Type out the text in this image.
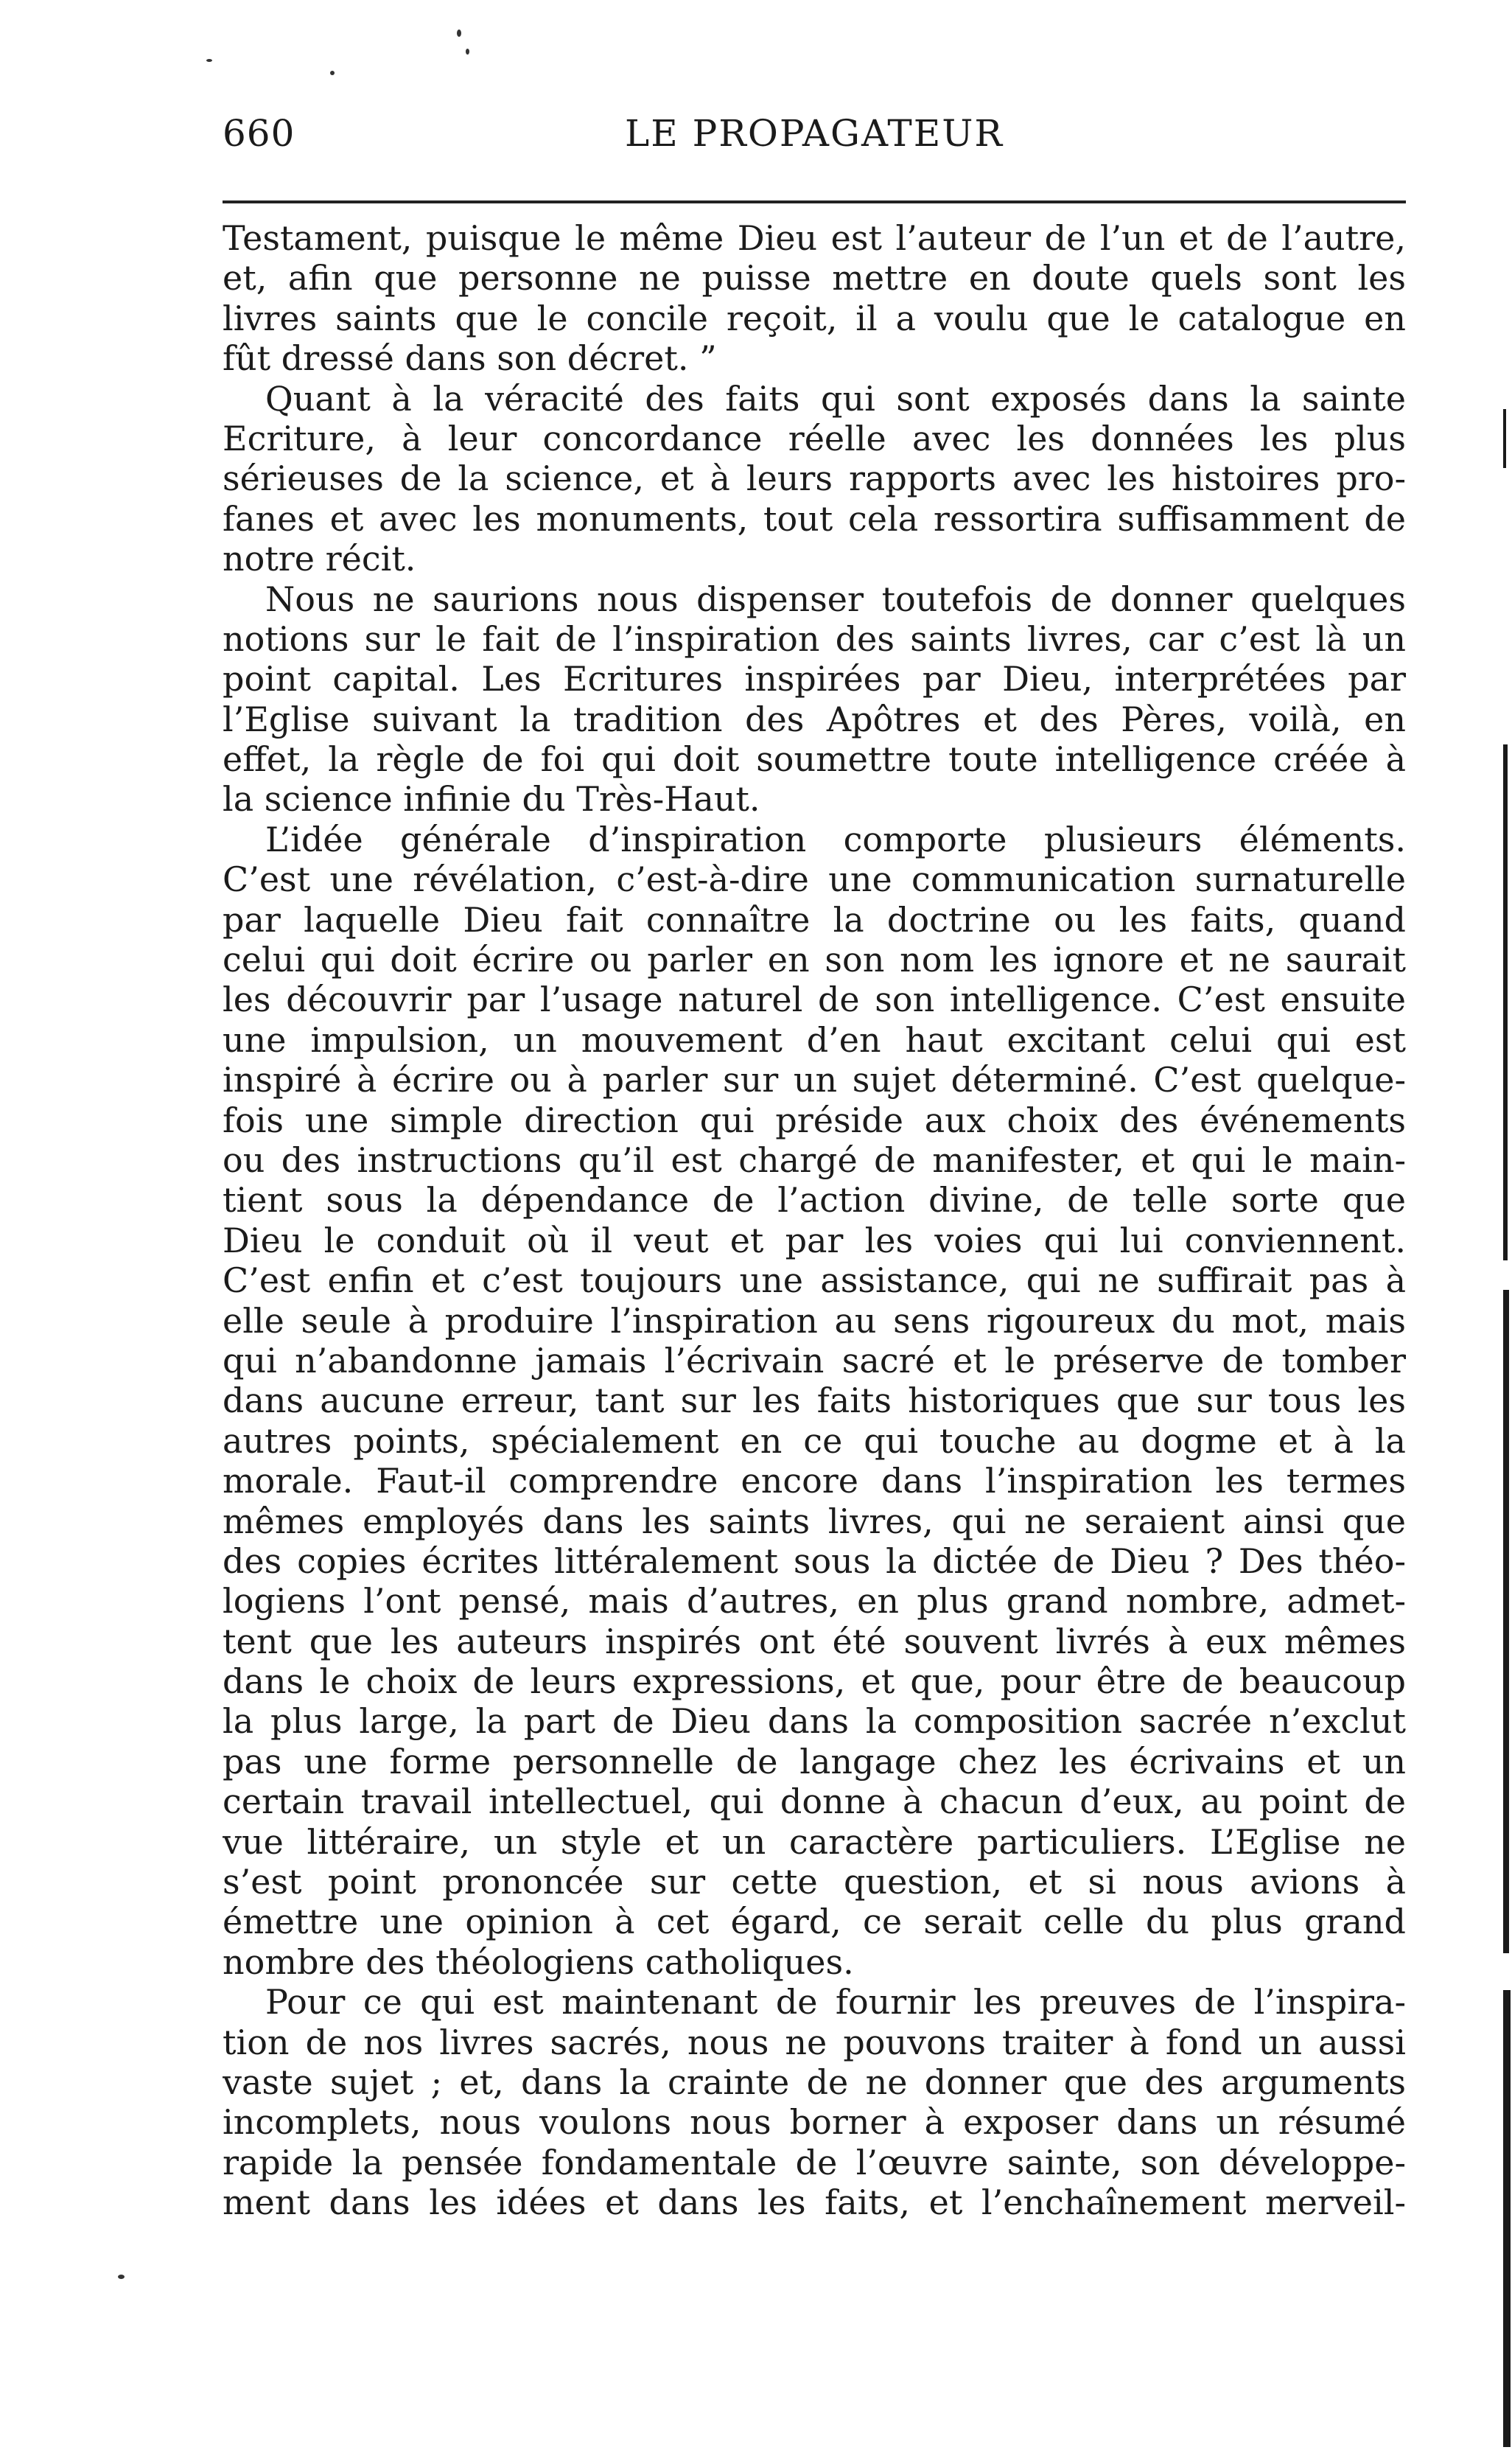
660	LE PROPAGATEUR
Testament, puisque le même Dieu est l’auteur de l’un et de l’autre,
et, afin que personne ne puisse mettre en doute quels sont les
livres saints que le concile reçoit, il a voulu que le catalogue en
fût dressé dans son décret. ”
Quant à la véracité des faits qui sont exposés dans la sainte
Ecriture, à leur concordance réelle avec les données les plus
sérieuses de la science, et à leurs rapports avec les histoires pro-
fanes et avec les monuments, tout cela ressortira suffisamment de
notre récit.
Nous ne saurions nous dispenser toutefois de donner quelques
notions sur le fait de l’inspiration des saints livres, car c’est là un
point capital. Les Ecritures inspirées par Dieu, interprétées par
l’Eglise suivant la tradition des Apôtres et des Pères, voilà, en
effet, la règle de foi qui doit soumettre toute intelligence créée à
la science infinie du Très-Haut.
L’idée générale d’inspiration comporte plusieurs éléments.
C’est une révélation, c’est-à-dire une communication surnaturelle
par laquelle Dieu fait connaître la doctrine ou les faits, quand
celui qui doit écrire ou parler en son nom les ignore et ne saurait
les découvrir par l’usage naturel de son intelligence. C’est ensuite
une impulsion, un mouvement d’en haut excitant celui qui est
inspiré à écrire ou à parler sur un sujet déterminé. C’est quelque-
fois une simple direction qui préside aux choix des événements
ou des instructions qu’il est chargé de manifester, et qui le main-
tient sous la dépendance de l’action divine, de telle sorte que
Dieu le conduit où il veut et par les voies qui lui conviennent.
C’est enfin et c’est toujours une assistance, qui ne suffirait pas à
elle seule à produire l’inspiration au sens rigoureux du mot, mais
qui n’abandonne jamais l’écrivain sacré et le préserve de tomber
dans aucune erreur, tant sur les faits historiques que sur tous les
autres points, spécialement en ce qui touche au dogme et à la
morale. Faut-il comprendre encore dans l’inspiration les termes
mêmes employés dans les saints livres, qui ne seraient ainsi que
des copies écrites littéralement sous la dictée de Dieu ? Des théo-
logiens l’ont pensé, mais d’autres, en plus grand nombre, admet-
tent que les auteurs inspirés ont été souvent livrés à eux mêmes
dans le choix de leurs expressions, et que, pour être de beaucoup
la plus large, la part de Dieu dans la composition sacrée n’exclut
pas une forme personnelle de langage chez les écrivains et un
certain travail intellectuel, qui donne à chacun d’eux, au point de
vue littéraire, un style et un caractère particuliers. L’Eglise ne
s’est point prononcée sur cette question, et si nous avions à
émettre une opinion à cet égard, ce serait celle du plus grand
nombre des théologiens catholiques.
Pour ce qui est maintenant de fournir les preuves de l’inspira-
tion de nos livres sacrés, nous ne pouvons traiter à fond un aussi
vaste sujet ; et, dans la crainte de ne donner que des arguments
incomplets, nous voulons nous borner à exposer dans un résumé
rapide la pensée fondamentale de l’œuvre sainte, son développe-
ment dans les idées et dans les faits, et l’enchaînement merveil-
